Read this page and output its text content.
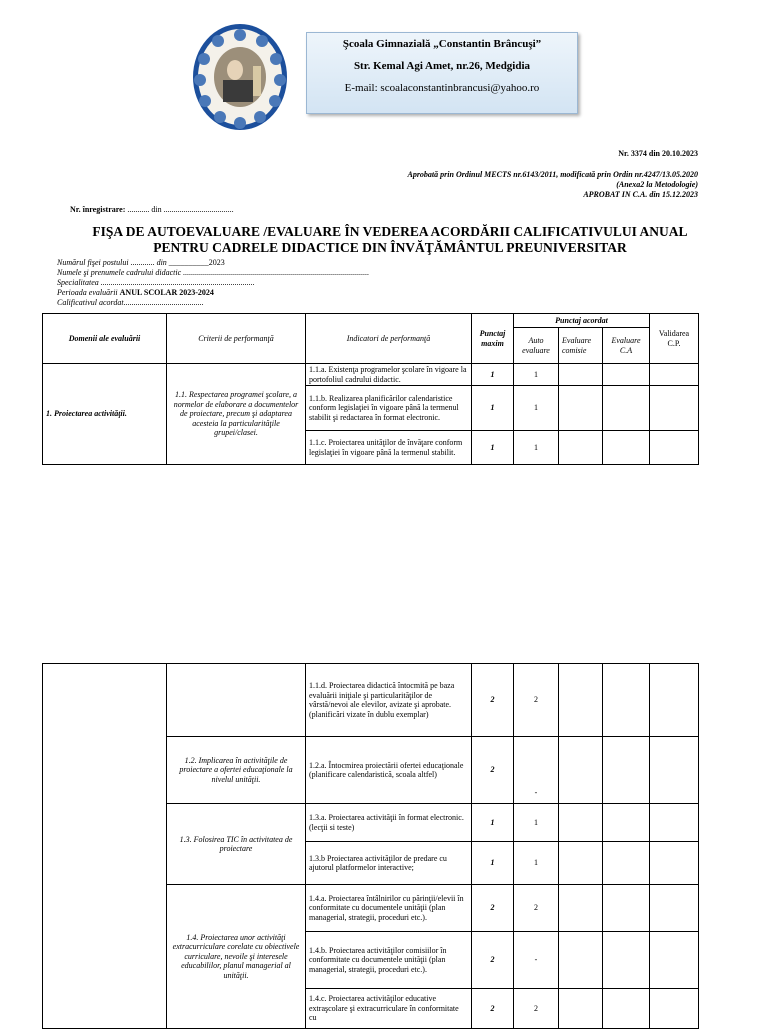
Şcoala Gimnazială „Constantin Brâncuşi”
Str. Kemal Agi Amet, nr.26, Medgidia
E-mail: scoalaconstantinbrancusi@yahoo.ro
Nr. 3374 din 20.10.2023
Aprobată prin Ordinul MECTS nr.6143/2011, modificată prin Ordin nr.4247/13.05.2020
(Anexa2 la Metodologie)
APROBAT IN C.A. din 15.12.2023
Nr. înregistrare: ........... din ...................................
FIŞA DE AUTOEVALUARE /EVALUARE ÎN VEDEREA ACORDĂRII CALIFICATIVULUI ANUAL
PENTRU CADRELE DIDACTICE DIN ÎNVĂŢĂMÂNTUL PREUNIVERSITAR
Numărul fişei postului ............ din __________2023
Numele şi prenumele cadrului didactic .............................................................................................
Specialitatea .............................................................................
Perioada evaluării ANUL SCOLAR 2023-2024
Calificativul acordat........................................
Domenii ale evaluării	Criterii de performanţă	Indicatori de performanţă	Punctaj maxim	Punctaj acordat			Validarea C.P.
				Auto evaluare	Evaluare comisie	Evaluare C.A	
1. Proiectarea activităţii.	1.1. Respectarea programei şcolare, a normelor de elaborare a documentelor de proiectare, precum şi adaptarea acesteia la particularităţile grupei/clasei.	1.1.a. Existenţa programelor şcolare în vigoare la portofoliul cadrului didactic.	1	1			
		1.1.b. Realizarea planificărilor calendaristice conform legislaţiei în vigoare până la termenul stabilit şi redactarea în format electronic.	1	1			
		1.1.c. Proiectarea unităţilor de învăţare conform legislaţiei în vigoare până la termenul stabilit.	1	1			
		1.1.d. Proiectarea didactică întocmită pe baza evaluării iniţiale şi particularităţilor de vârstă/nevoi ale elevilor, avizate şi aprobate. (planificări vizate în dublu exemplar)	2	2			
	1.2. Implicarea în activităţile de proiectare a ofertei educaţionale la nivelul unităţii.	1.2.a. Întocmirea proiectării ofertei educaţionale (planificare calendaristică, scoala altfel)	2	-			
	1.3. Folosirea TIC în activitatea de proiectare	1.3.a. Proiectarea activităţii în format electronic. (lecţii si teste)	1	1			
		1.3.b Proiectarea activităţilor de predare cu ajutorul platformelor interactive;	1	1			
	1.4. Proiectarea unor activităţi extracurriculare corelate cu obiectivele curriculare, nevoile şi interesele educabililor, planul managerial al unităţii.	1.4.a. Proiectarea întâlnirilor cu părinţii/elevii în conformitate cu documentele unităţii (plan managerial, strategii, proceduri etc.).	2	2			
		1.4.b. Proiectarea activităţilor comisiilor în conformitate cu documentele unităţii (plan managerial, strategii, proceduri etc.).	2	-			
		1.4.c. Proiectarea activităţilor educative extraşcolare şi extracurriculare în conformitate cu	2	2			
